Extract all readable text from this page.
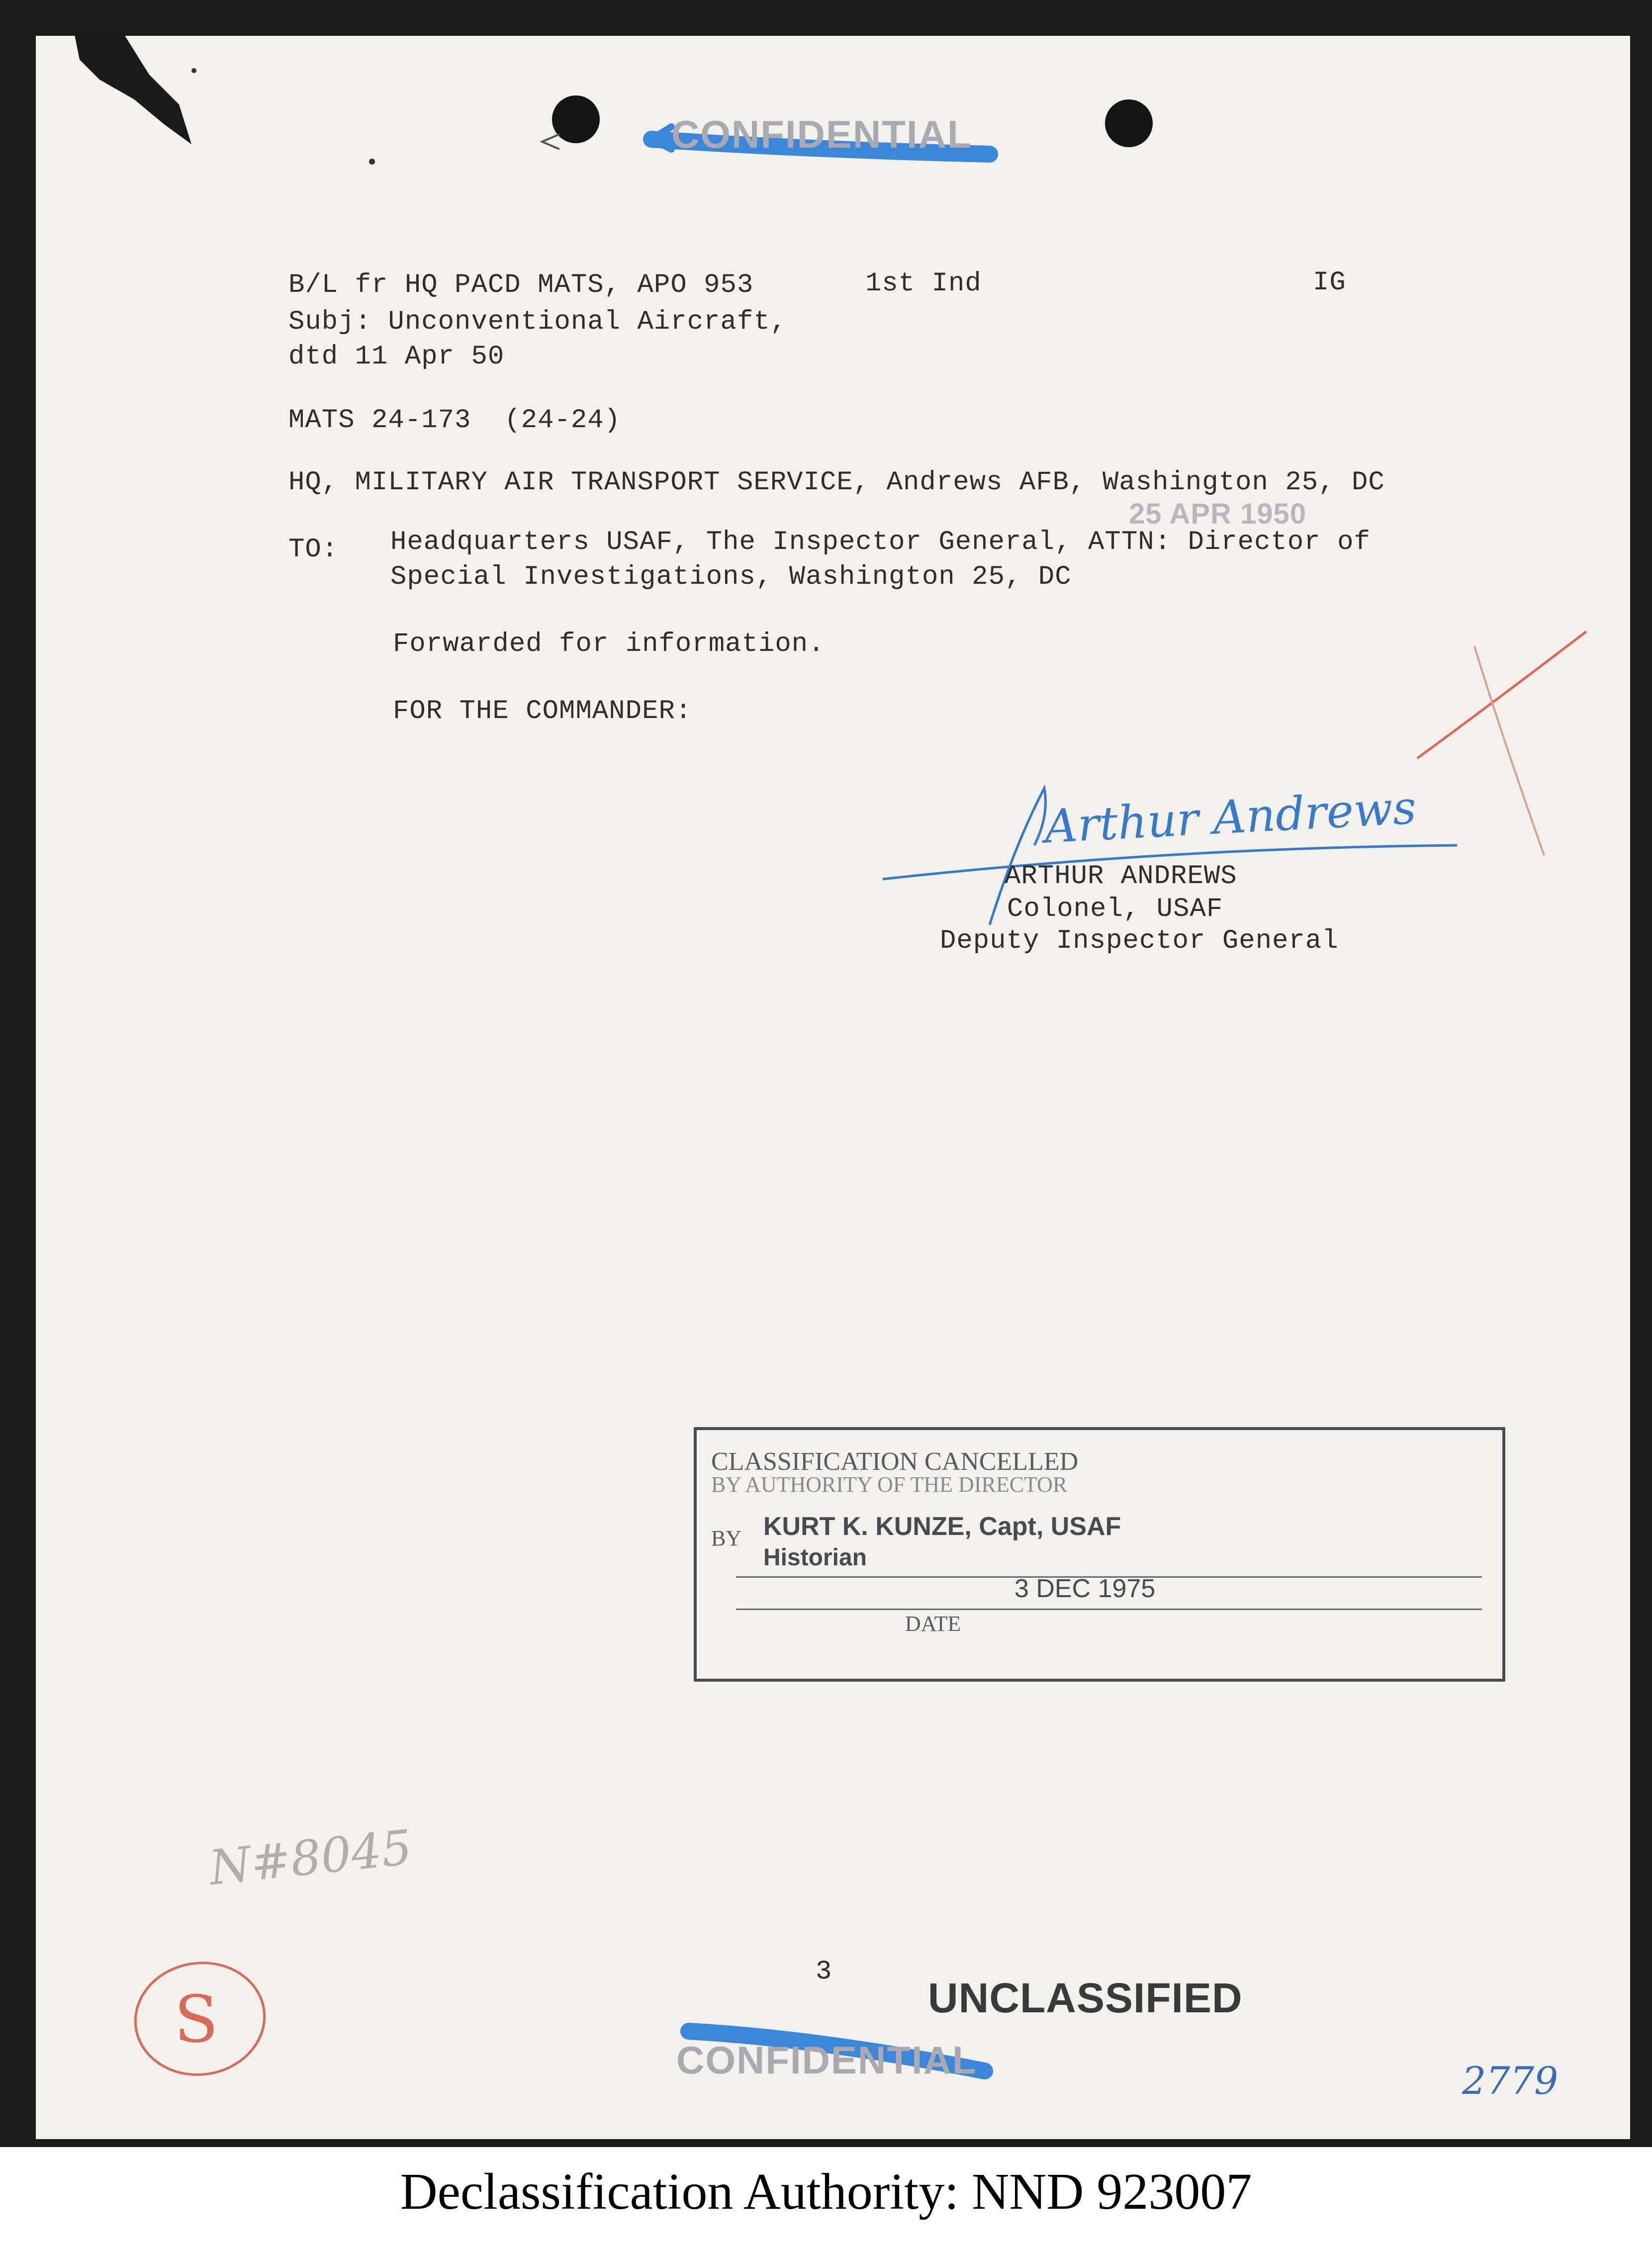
CONFIDENTIAL
B/L fr HQ PACD MATS, APO 953	1st Ind	IG
Subj: Unconventional Aircraft,
dtd 11 Apr 50
MATS 24-173  (24-24)
HQ, MILITARY AIR TRANSPORT SERVICE, Andrews AFB, Washington 25, DC
25 APR 1950
TO: Headquarters USAF, The Inspector General, ATTN: Director of
Special Investigations, Washington 25, DC
Forwarded for information.
FOR THE COMMANDER:
Arthur Andrews
ARTHUR ANDREWS
Colonel, USAF
Deputy Inspector General
CLASSIFICATION CANCELLED
BY AUTHORITY OF THE DIRECTOR
BY KURT K. KUNZE, Capt, USAF
Historian
3 DEC 1975
DATE
N#8045
S
2779
3
UNCLASSIFIED
CONFIDENTIAL
Declassification Authority: NND 923007
